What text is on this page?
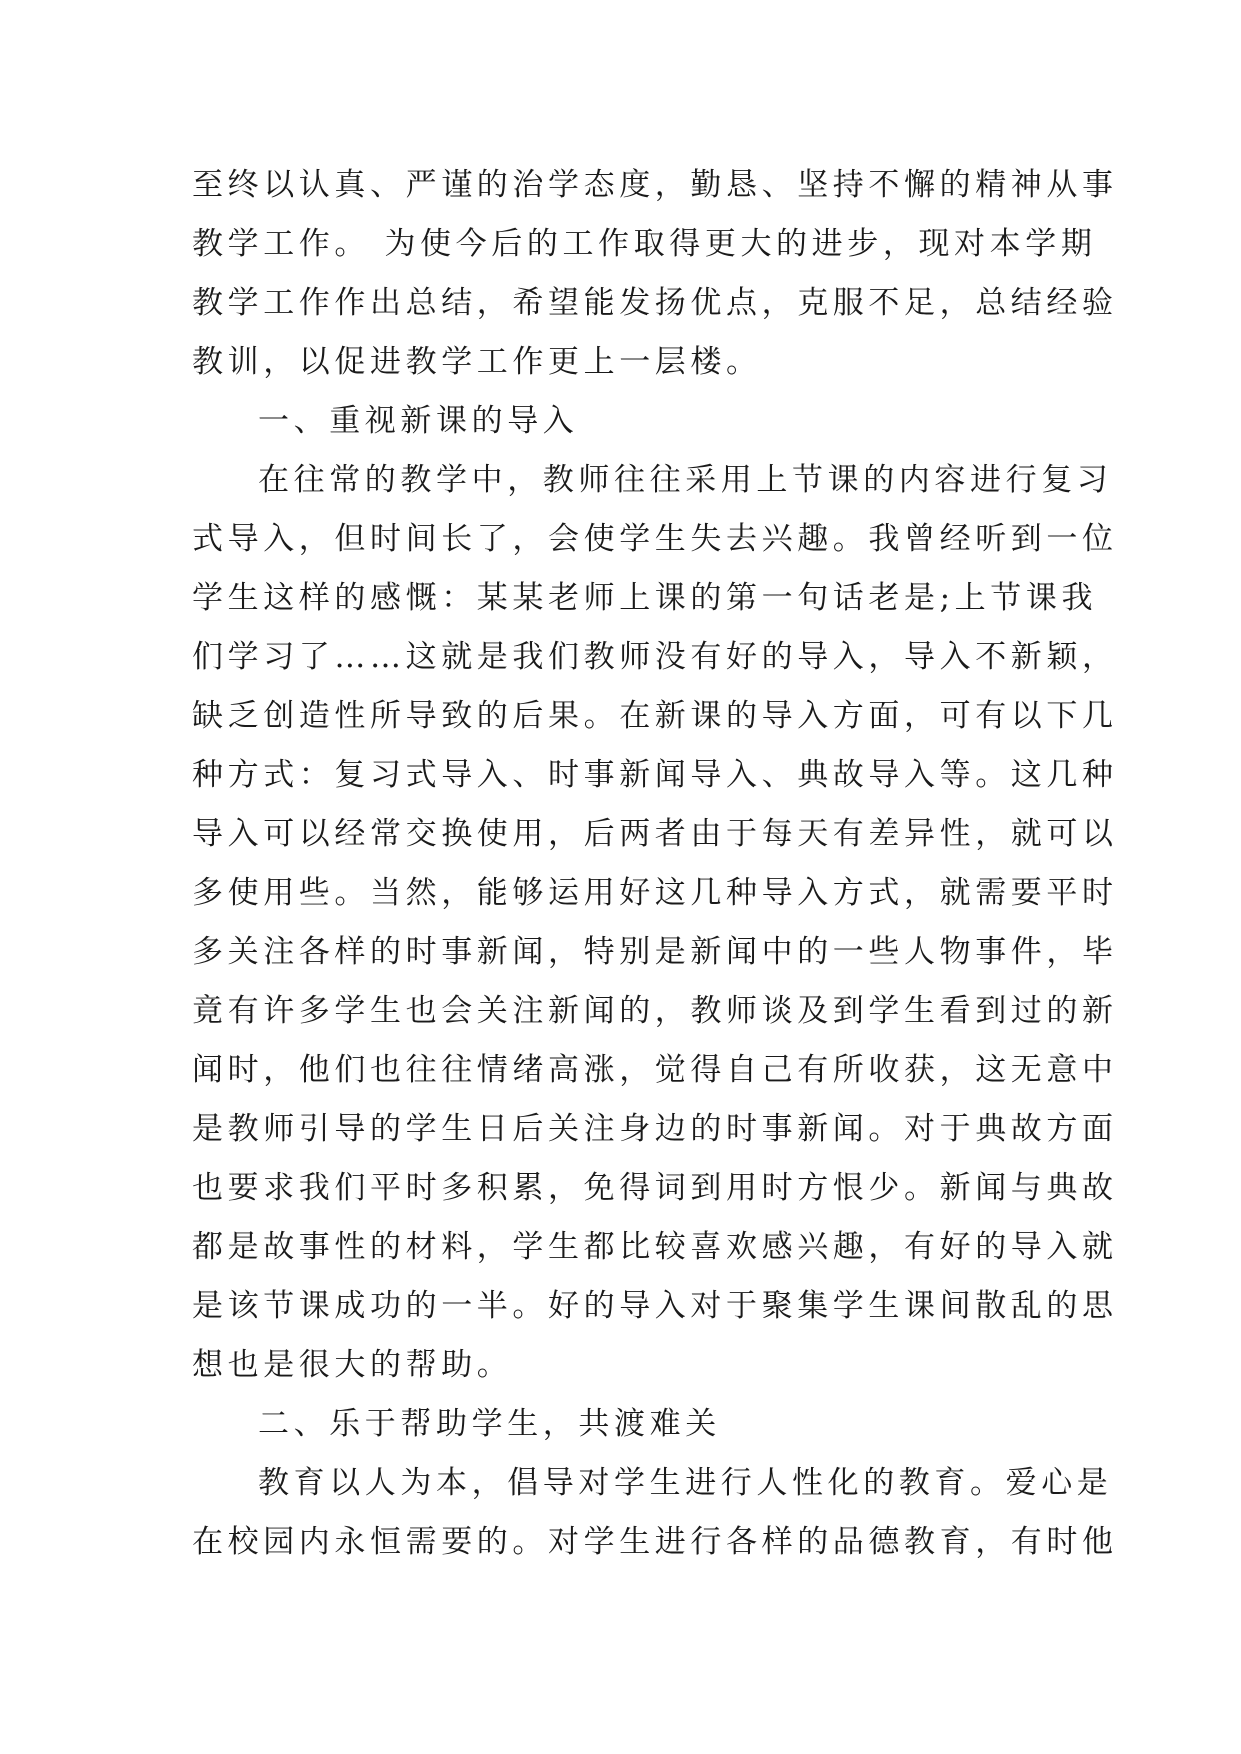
至终以认真、严谨的治学态度，勤恳、坚持不懈的精神从事
教学工作。 为使今后的工作取得更大的进步，现对本学期
教学工作作出总结，希望能发扬优点，克服不足，总结经验
教训，以促进教学工作更上一层楼。
一、重视新课的导入
在往常的教学中，教师往往采用上节课的内容进行复习
式导入，但时间长了，会使学生失去兴趣。我曾经听到一位
学生这样的感慨：某某老师上课的第一句话老是;上节课我
们学习了……这就是我们教师没有好的导入，导入不新颖，
缺乏创造性所导致的后果。在新课的导入方面，可有以下几
种方式：复习式导入、时事新闻导入、典故导入等。这几种
导入可以经常交换使用，后两者由于每天有差异性，就可以
多使用些。当然，能够运用好这几种导入方式，就需要平时
多关注各样的时事新闻，特别是新闻中的一些人物事件，毕
竟有许多学生也会关注新闻的，教师谈及到学生看到过的新
闻时，他们也往往情绪高涨，觉得自己有所收获，这无意中
是教师引导的学生日后关注身边的时事新闻。对于典故方面
也要求我们平时多积累，免得词到用时方恨少。新闻与典故
都是故事性的材料，学生都比较喜欢感兴趣，有好的导入就
是该节课成功的一半。好的导入对于聚集学生课间散乱的思
想也是很大的帮助。
二、乐于帮助学生，共渡难关
教育以人为本，倡导对学生进行人性化的教育。爱心是
在校园内永恒需要的。对学生进行各样的品德教育，有时他
